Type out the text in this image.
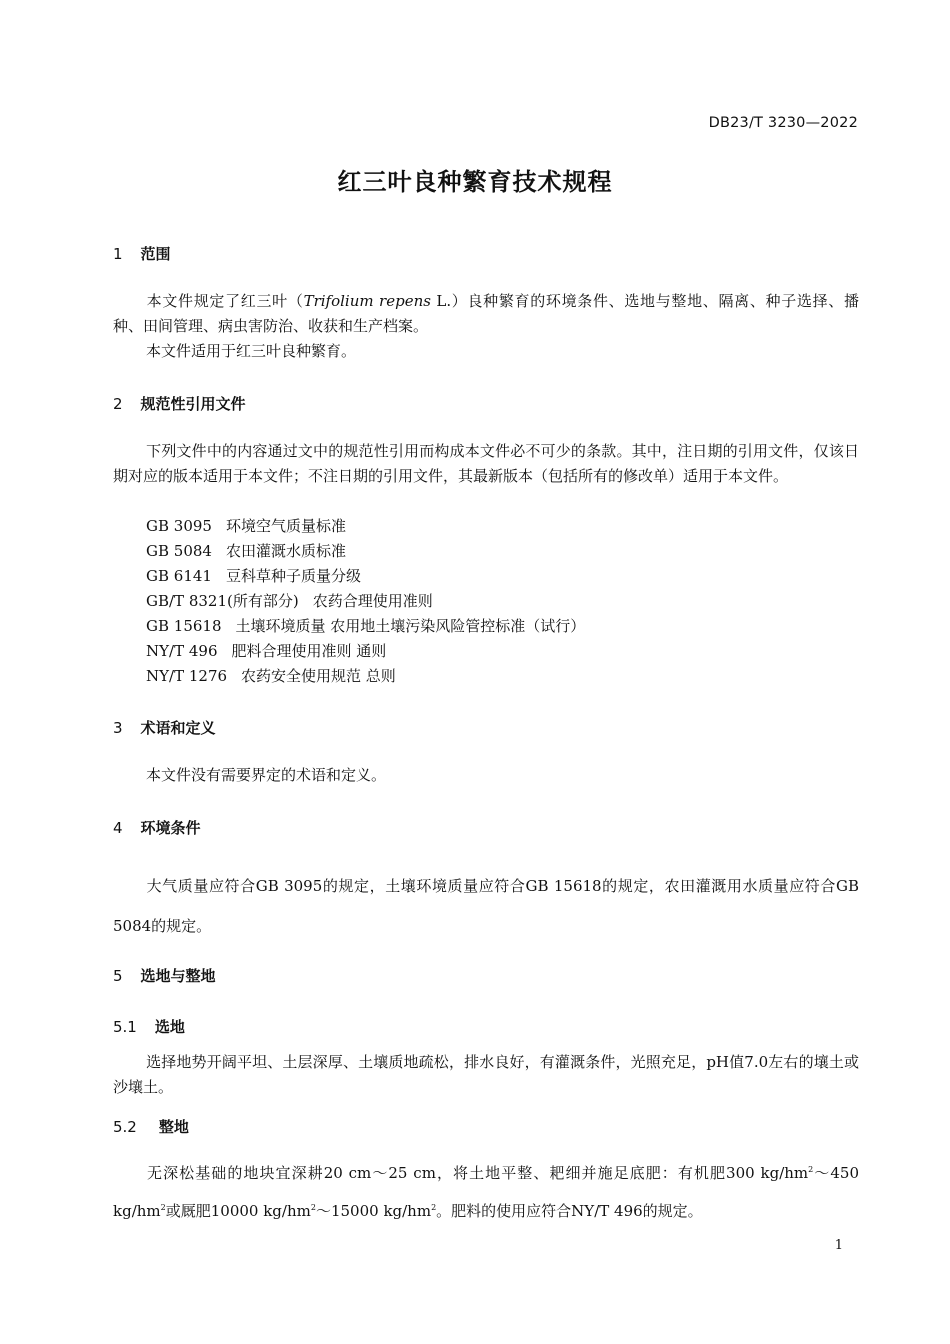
DB23/T 3230—2022
红三叶良种繁育技术规程
1 范围
本文件规定了红三叶（Trifolium repens L.）良种繁育的环境条件、选地与整地、隔离、种子选择、播种、田间管理、病虫害防治、收获和生产档案。
本文件适用于红三叶良种繁育。
2 规范性引用文件
下列文件中的内容通过文中的规范性引用而构成本文件必不可少的条款。其中，注日期的引用文件，仅该日期对应的版本适用于本文件；不注日期的引用文件，其最新版本（包括所有的修改单）适用于本文件。
GB 3095 环境空气质量标准
GB 5084 农田灌溉水质标准
GB 6141 豆科草种子质量分级
GB/T 8321(所有部分) 农药合理使用准则
GB 15618 土壤环境质量 农用地土壤污染风险管控标准（试行）
NY/T 496 肥料合理使用准则 通则
NY/T 1276 农药安全使用规范 总则
3 术语和定义
本文件没有需要界定的术语和定义。
4 环境条件
大气质量应符合GB 3095的规定，土壤环境质量应符合GB 15618的规定，农田灌溉用水质量应符合GB 5084的规定。
5 选地与整地
5.1 选地
选择地势开阔平坦、土层深厚、土壤质地疏松，排水良好，有灌溉条件，光照充足，pH值7.0左右的壤土或沙壤土。
5.2 整地
无深松基础的地块宜深耕20 cm～25 cm，将土地平整、耙细并施足底肥：有机肥300 $kg/hm^2\sim 450$ $kg/hm^2$或厩肥10000 $kg/hm^2\sim 15000$ $kg/hm^2$。肥料的使用应符合NY/T 496的规定。
1
